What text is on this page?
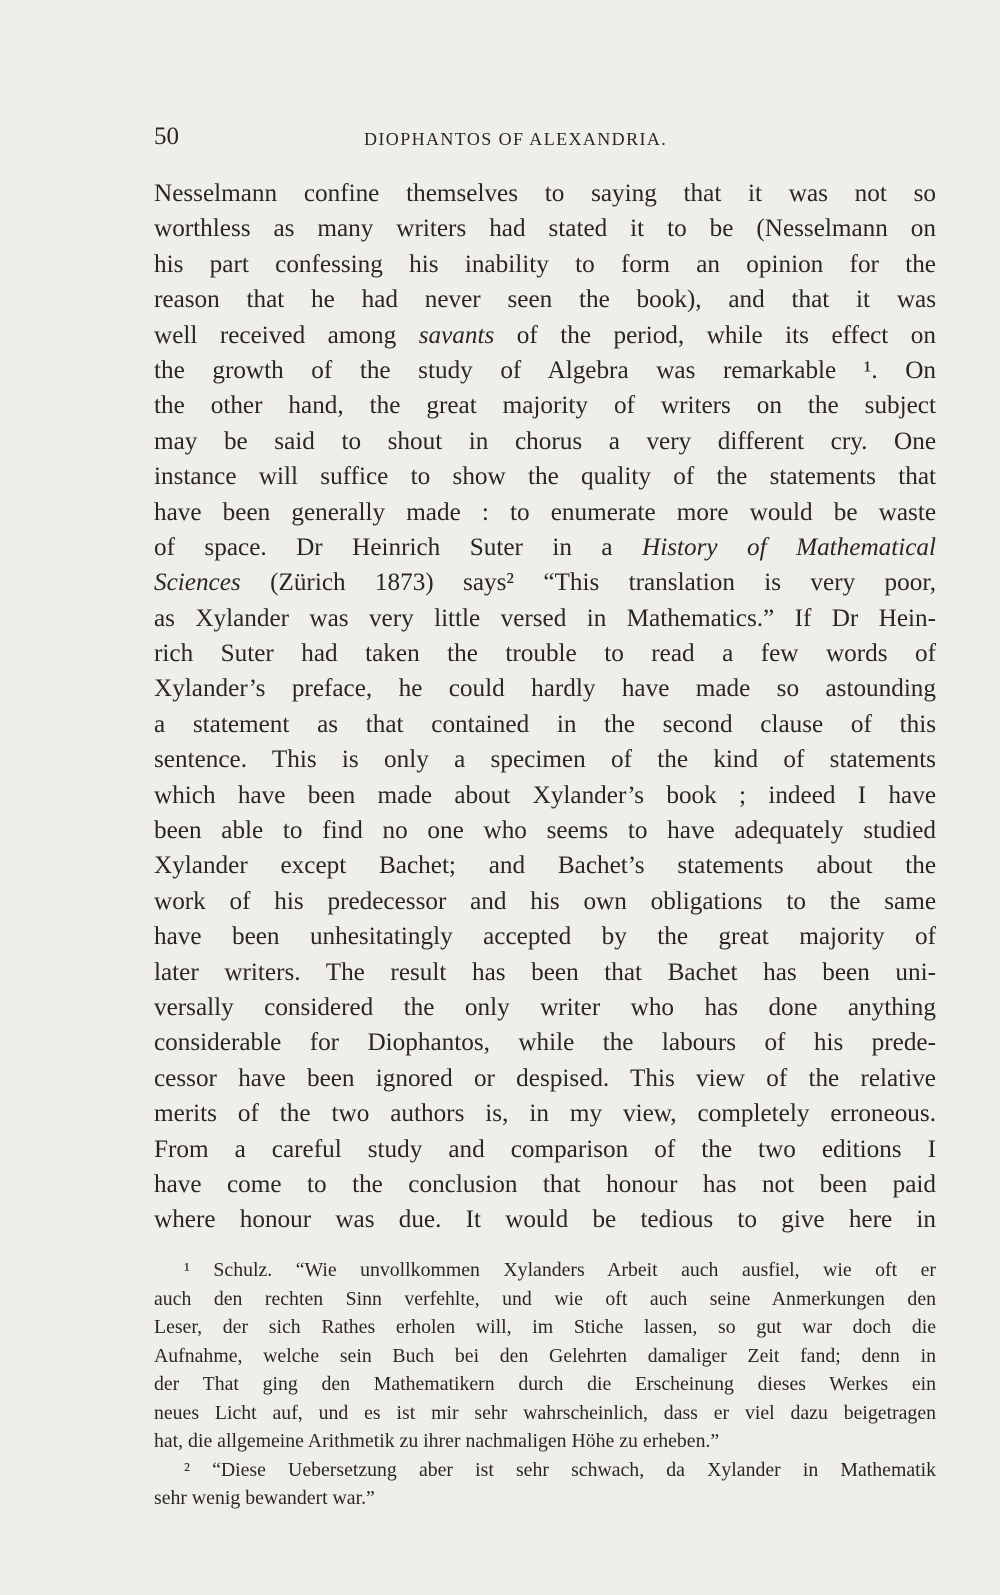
50	DIOPHANTOS OF ALEXANDRIA.
Nesselmann confine themselves to saying that it was not so
worthless as many writers had stated it to be (Nesselmann on
his part confessing his inability to form an opinion for the
reason that he had never seen the book), and that it was
well received among savants of the period, while its effect on
the growth of the study of Algebra was remarkable ¹. On
the other hand, the great majority of writers on the subject
may be said to shout in chorus a very different cry. One
instance will suffice to show the quality of the statements that
have been generally made : to enumerate more would be waste
of space. Dr Heinrich Suter in a History of Mathematical
Sciences (Zürich 1873) says² “This translation is very poor,
as Xylander was very little versed in Mathematics.” If Dr Hein-
rich Suter had taken the trouble to read a few words of
Xylander’s preface, he could hardly have made so astounding
a statement as that contained in the second clause of this
sentence. This is only a specimen of the kind of statements
which have been made about Xylander’s book ; indeed I have
been able to find no one who seems to have adequately studied
Xylander except Bachet; and Bachet’s statements about the
work of his predecessor and his own obligations to the same
have been unhesitatingly accepted by the great majority of
later writers. The result has been that Bachet has been uni-
versally considered the only writer who has done anything
considerable for Diophantos, while the labours of his prede-
cessor have been ignored or despised. This view of the relative
merits of the two authors is, in my view, completely erroneous.
From a careful study and comparison of the two editions I
have come to the conclusion that honour has not been paid
where honour was due. It would be tedious to give here in
¹ Schulz. “Wie unvollkommen Xylanders Arbeit auch ausfiel, wie oft er
auch den rechten Sinn verfehlte, und wie oft auch seine Anmerkungen den
Leser, der sich Rathes erholen will, im Stiche lassen, so gut war doch die
Aufnahme, welche sein Buch bei den Gelehrten damaliger Zeit fand; denn in
der That ging den Mathematikern durch die Erscheinung dieses Werkes ein
neues Licht auf, und es ist mir sehr wahrscheinlich, dass er viel dazu beigetragen
hat, die allgemeine Arithmetik zu ihrer nachmaligen Höhe zu erheben.”
² “Diese Uebersetzung aber ist sehr schwach, da Xylander in Mathematik
sehr wenig bewandert war.”
